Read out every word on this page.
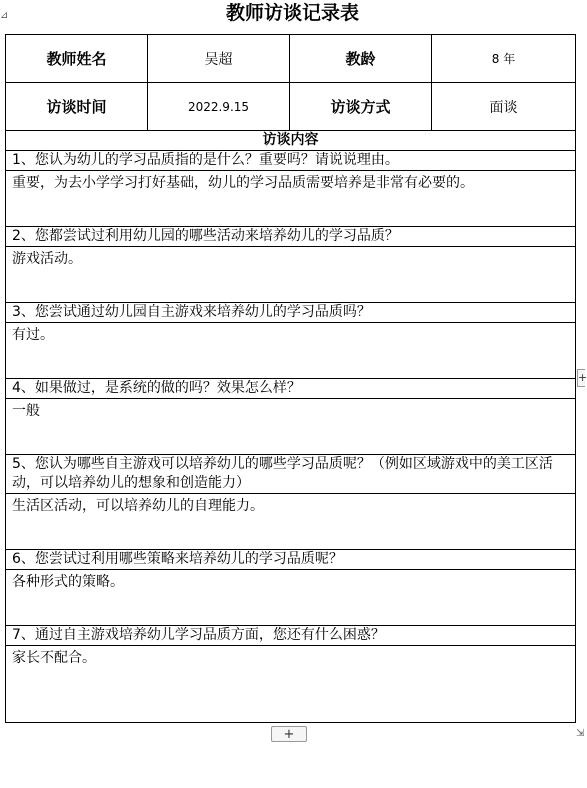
⊿	教师访谈记录表
教师姓名	吴超	教龄	8 年
访谈时间	2022.9.15	访谈方式	面谈
访谈内容			
1、您认为幼儿的学习品质指的是什么？重要吗？请说说理由。			
重要，为去小学学习打好基础，幼儿的学习品质需要培养是非常有必要的。			
2、您都尝试过利用幼儿园的哪些活动来培养幼儿的学习品质？			
游戏活动。			
3、您尝试通过幼儿园自主游戏来培养幼儿的学习品质吗？			
有过。			
4、如果做过，是系统的做的吗？效果怎么样？			
一般			
5、您认为哪些自主游戏可以培养幼儿的哪些学习品质呢？（例如区域游戏中的美工区活动，可以培养幼儿的想象和创造能力）			
生活区活动，可以培养幼儿的自理能力。			
6、您尝试过利用哪些策略来培养幼儿的学习品质呢？			
各种形式的策略。			
7、通过自主游戏培养幼儿学习品质方面，您还有什么困惑？			
家长不配合。			
+
+	⇲
